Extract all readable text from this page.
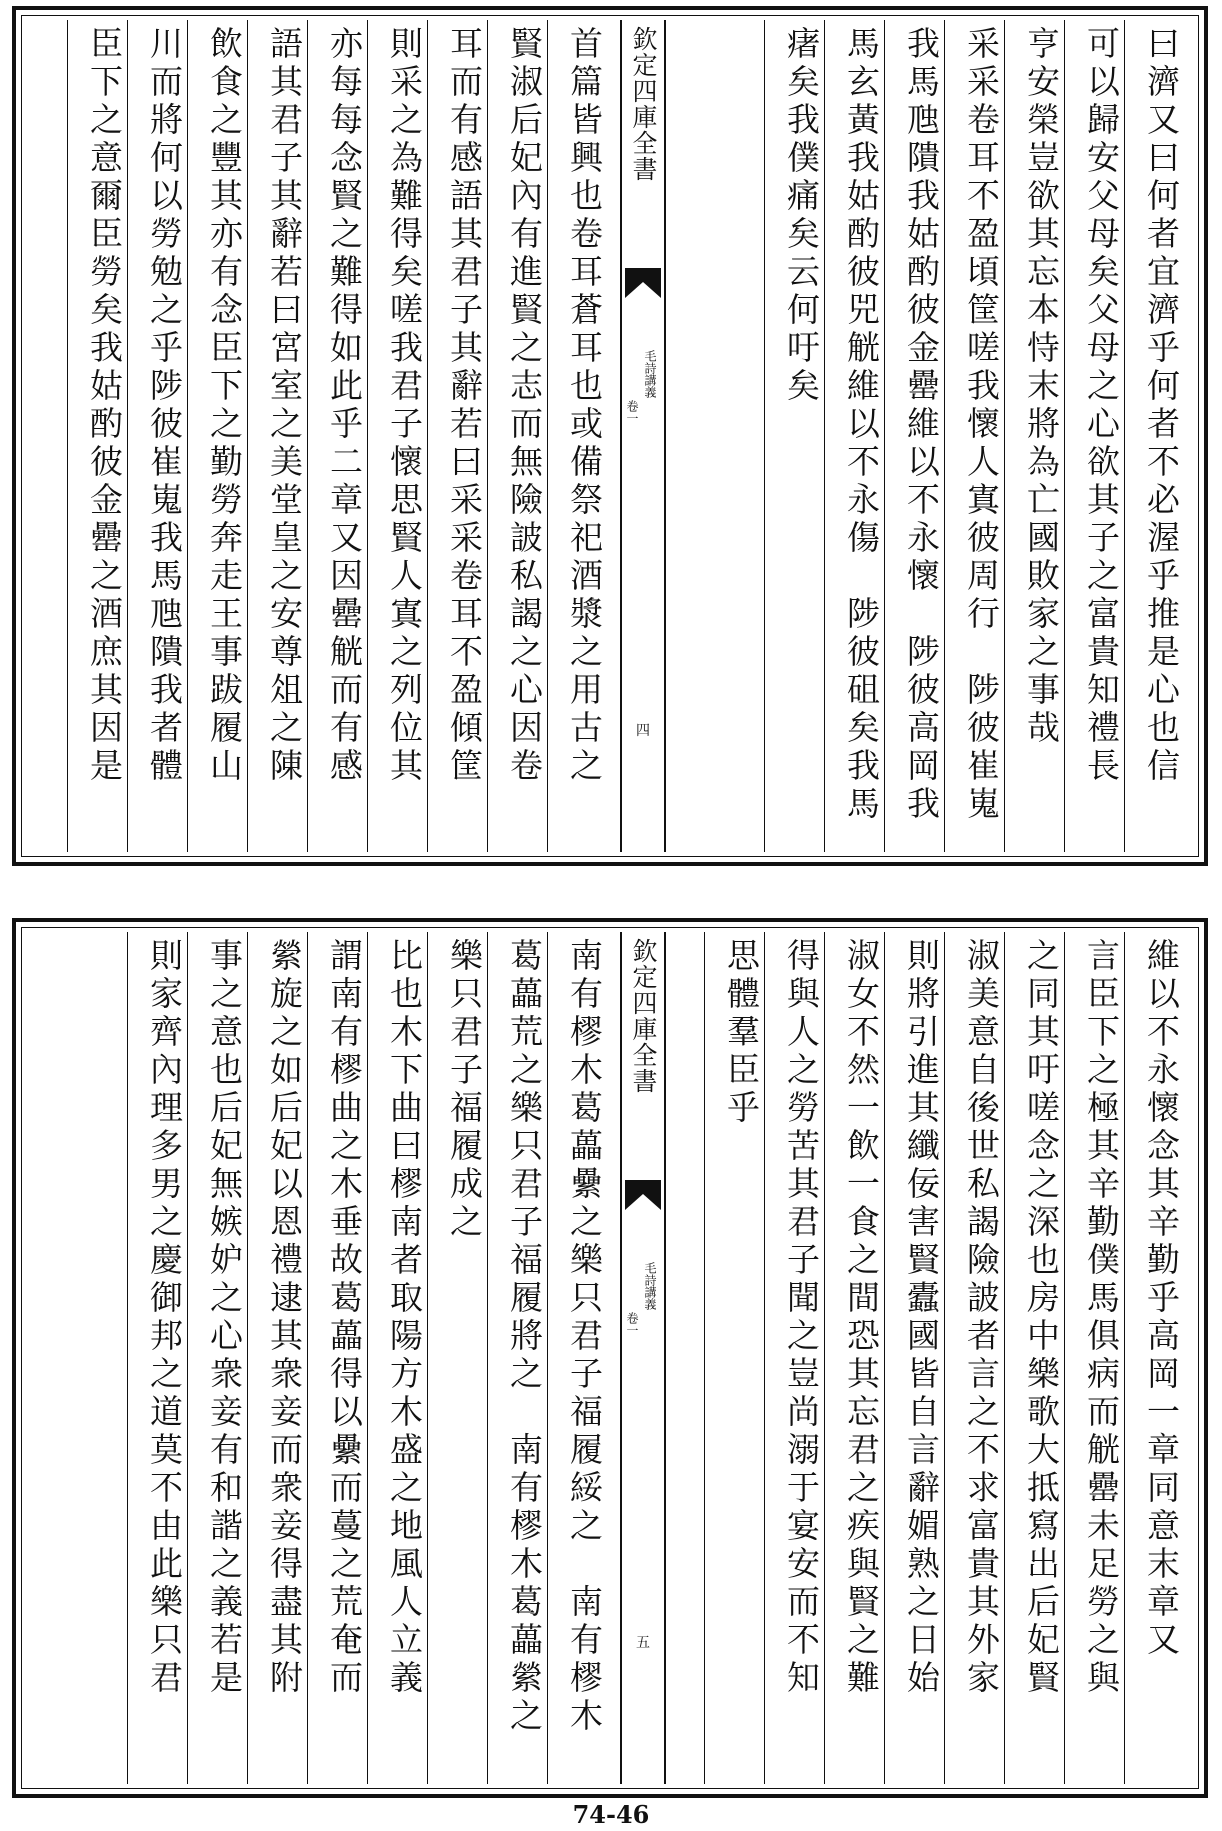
曰濟又曰何者宜濟乎何者不必渥乎推是心也信
可以歸安父母矣父母之心欲其子之富貴知禮長
亨安榮豈欲其忘本恃末將為亡國敗家之事哉
采采卷耳不盈頃筐嗟我懷人寘彼周行　陟彼崔嵬
我馬虺隤我姑酌彼金罍維以不永懷　陟彼高岡我
馬玄黃我姑酌彼兕觥維以不永傷　陟彼砠矣我馬
瘏矣我僕痛矣云何吁矣
欽定四庫全書
毛詩講義
卷一
四
首篇皆興也卷耳蒼耳也或備祭祀酒漿之用古之
賢淑后妃內有進賢之志而無險詖私謁之心因卷
耳而有感語其君子其辭若曰采采卷耳不盈傾筐
則采之為難得矣嗟我君子懷思賢人寘之列位其
亦每每念賢之難得如此乎二章又因罍觥而有感
語其君子其辭若曰宮室之美堂皇之安尊俎之陳
飲食之豐其亦有念臣下之勤勞奔走王事跋履山
川而將何以勞勉之乎陟彼崔嵬我馬虺隤我者體
臣下之意爾臣勞矣我姑酌彼金罍之酒庶其因是
維以不永懷念其辛勤乎高岡一章同意末章又
言臣下之極其辛勤僕馬俱病而觥罍未足勞之與
之同其吁嗟念之深也房中樂歌大抵寫出后妃賢
淑美意自後世私謁險詖者言之不求富貴其外家
則將引進其纖佞害賢蠹國皆自言辭媚熟之日始
淑女不然一飲一食之間恐其忘君之疾與賢之難
得與人之勞苦其君子聞之豈尚溺于宴安而不知
思體羣臣乎
欽定四庫全書
毛詩講義
卷一
五
南有樛木葛藟纍之樂只君子福履綏之　南有樛木
葛藟荒之樂只君子福履將之　南有樛木葛藟縈之
樂只君子福履成之
比也木下曲曰樛南者取陽方木盛之地風人立義
謂南有樛曲之木垂故葛藟得以纍而蔓之荒奄而
縈旋之如后妃以恩禮逮其衆妾而衆妾得盡其附
事之意也后妃無嫉妒之心衆妾有和諧之義若是
則家齊內理多男之慶御邦之道莫不由此樂只君
74-46
